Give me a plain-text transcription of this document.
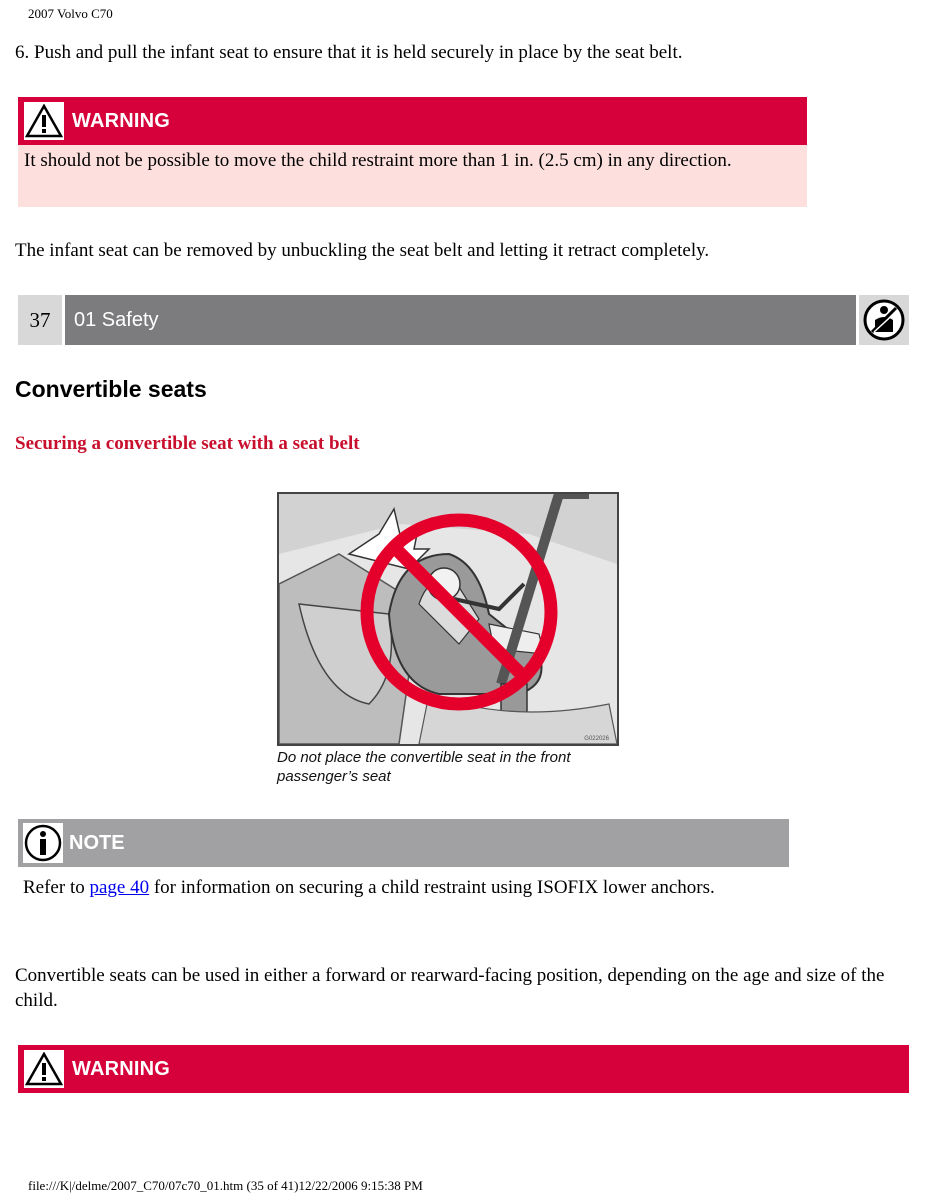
2007 Volvo C70
6. Push and pull the infant seat to ensure that it is held securely in place by the seat belt.
WARNING
It should not be possible to move the child restraint more than 1 in. (2.5 cm) in any direction.
The infant seat can be removed by unbuckling the seat belt and letting it retract completely.
37	01 Safety
Convertible seats
Securing a convertible seat with a seat belt
G022026
Do not place the convertible seat in the front passenger’s seat
NOTE
Refer to page 40 for information on securing a child restraint using ISOFIX lower anchors.
Convertible seats can be used in either a forward or rearward-facing position, depending on the age and size of the child.
WARNING
file:///K|/delme/2007_C70/07c70_01.htm (35 of 41)12/22/2006 9:15:38 PM
